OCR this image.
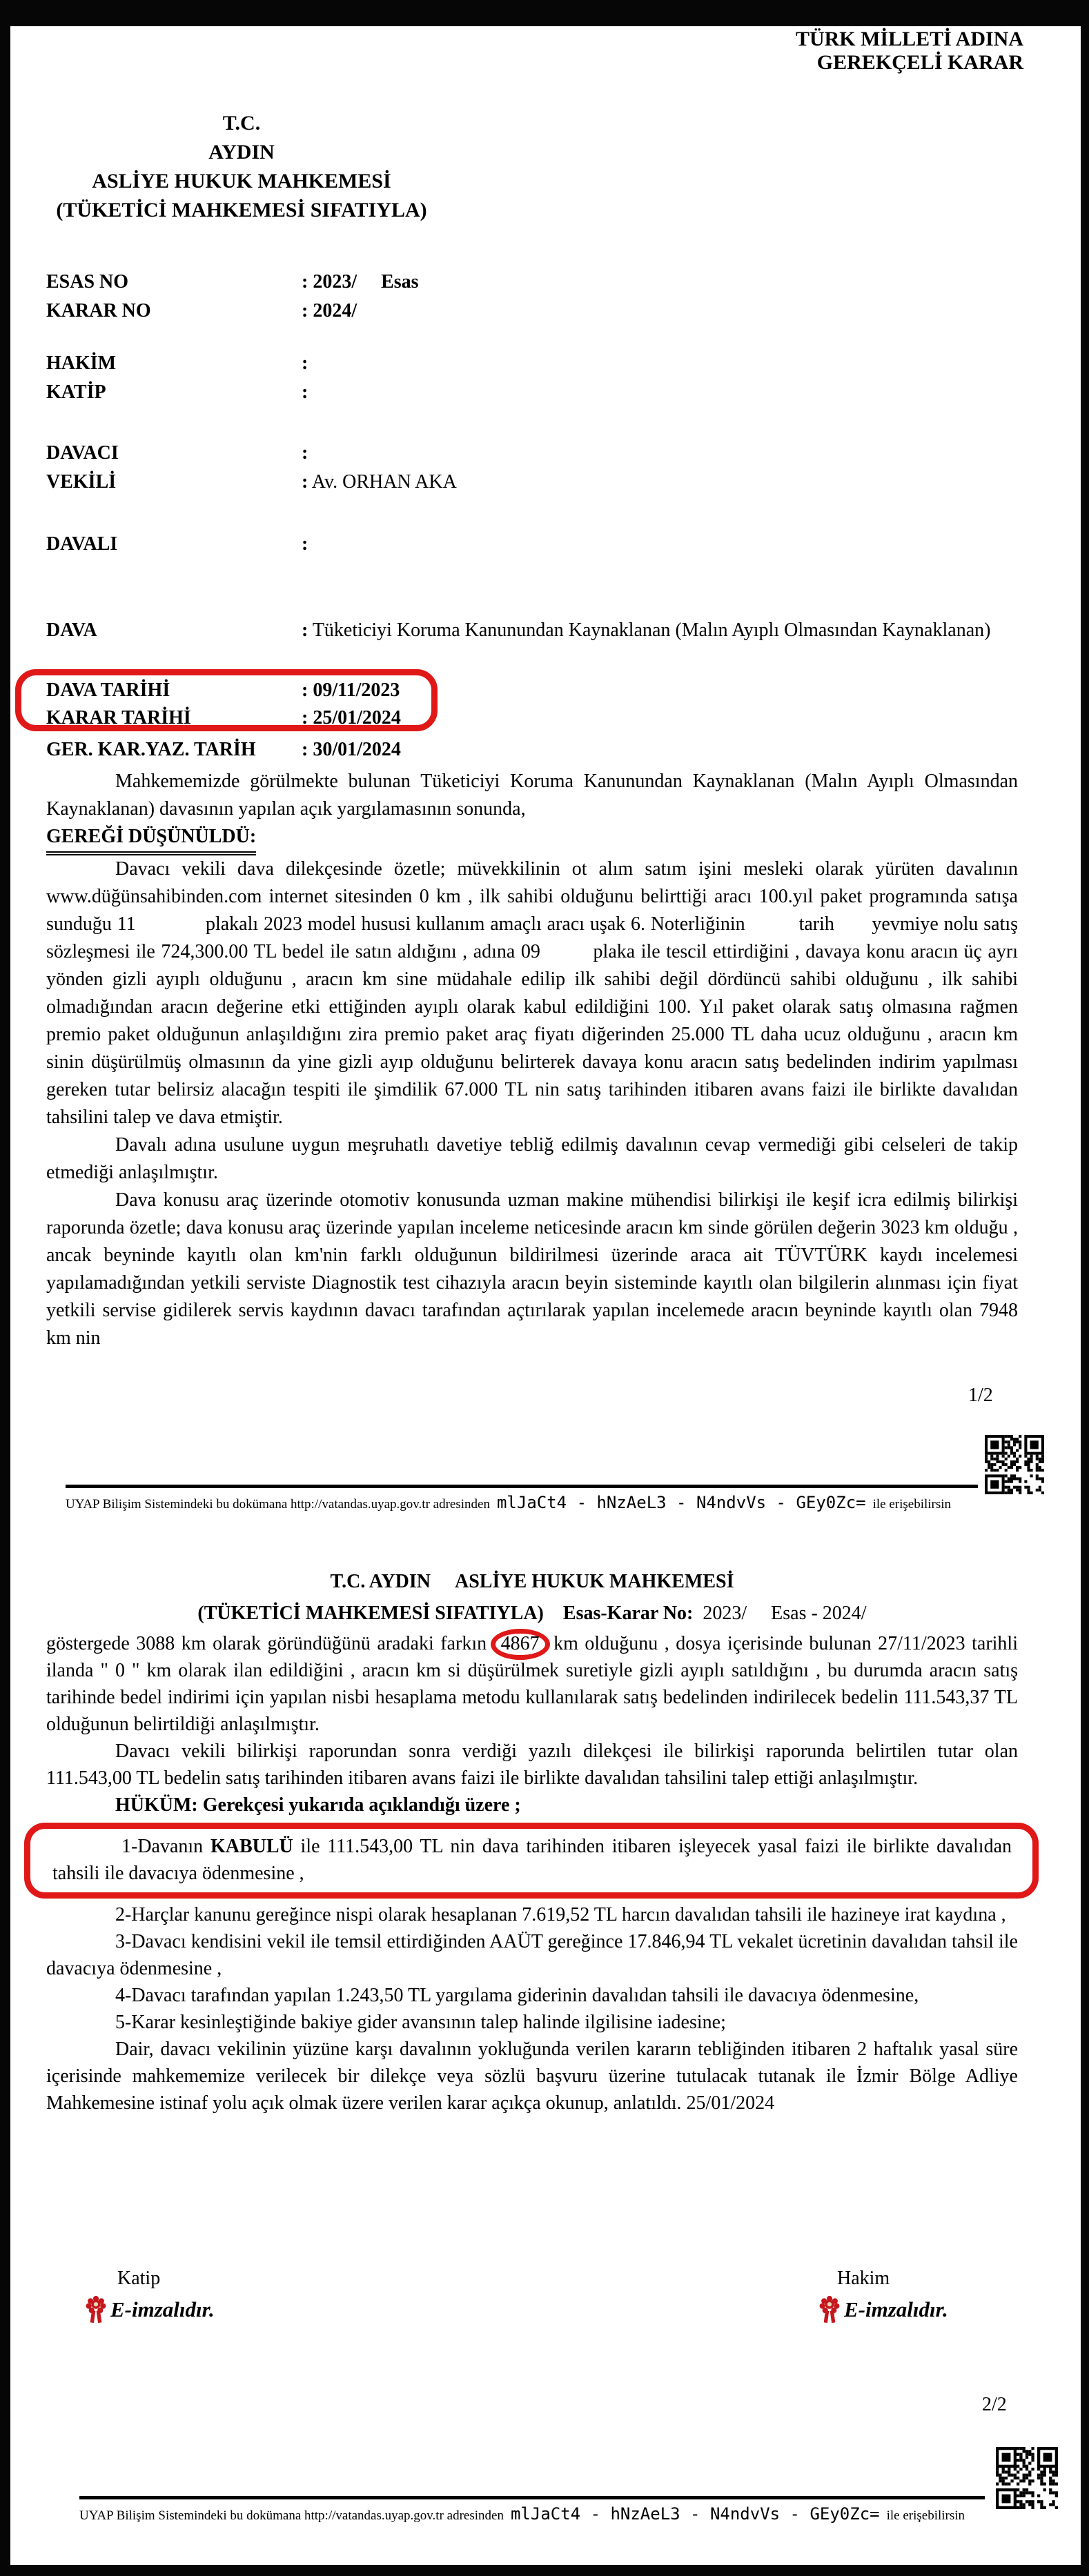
TÜRK MİLLETİ ADINA
GEREKÇELİ KARAR
T.C.
AYDIN
ASLİYE HUKUK MAHKEMESİ
(TÜKETİCİ MAHKEMESİ SIFATIYLA)
ESAS NO	: 2023/     Esas
KARAR NO	: 2024/
HAKİM	:
KATİP	:
DAVACI	:
VEKİLİ	: Av. ORHAN AKA
DAVALI	:
DAVA	: Tüketiciyi Koruma Kanunundan Kaynaklanan (Malın Ayıplı Olmasından Kaynaklanan)
DAVA TARİHİ	: 09/11/2023
KARAR TARİHİ	: 25/01/2024
GER. KAR.YAZ. TARİH	: 30/01/2024

Mahkememizde görülmekte bulunan Tüketiciyi Koruma Kanunundan Kaynaklanan (Malın Ayıplı Olmasından Kaynaklanan) davasının yapılan açık yargılamasının sonunda,

GEREĞİ DÜŞÜNÜLDÜ:

Davacı vekili dava dilekçesinde özetle; müvekkilinin ot alım satım işini mesleki olarak yürüten davalının www.düğünsahibinden.com internet sitesinden 0 km , ilk sahibi olduğunu belirttiği aracı 100.yıl paket programında satışa sunduğu 11             plakalı 2023 model hususi kullanım amaçlı aracı uşak 6. Noterliğinin          tarih       yevmiye nolu satış sözleşmesi ile 724,300.00 TL bedel ile satın aldığını , adına 09         plaka ile tescil ettirdiğini , davaya konu aracın üç ayrı yönden gizli ayıplı olduğunu , aracın km sine müdahale edilip ilk sahibi değil dördüncü sahibi olduğunu , ilk sahibi olmadığından aracın değerine etki ettiğinden ayıplı olarak kabul edildiğini 100. Yıl paket olarak satış olmasına rağmen premio paket olduğunun anlaşıldığını zira premio paket araç fiyatı diğerinden 25.000 TL daha ucuz olduğunu , aracın km sinin düşürülmüş olmasının da yine gizli ayıp olduğunu belirterek davaya konu aracın satış bedelinden indirim yapılması gereken tutar belirsiz alacağın tespiti ile şimdilik 67.000 TL nin satış tarihinden itibaren avans faizi ile birlikte davalıdan tahsilini talep ve dava etmiştir.

Davalı adına usulune uygun meşruhatlı davetiye tebliğ edilmiş davalının cevap vermediği gibi celseleri de takip etmediği anlaşılmıştır.

Dava konusu araç üzerinde otomotiv konusunda uzman makine mühendisi bilirkişi ile keşif icra edilmiş bilirkişi raporunda özetle; dava konusu araç üzerinde yapılan inceleme neticesinde aracın km sinde görülen değerin 3023 km olduğu , ancak beyninde kayıtlı olan km'nin farklı olduğunun bildirilmesi üzerinde araca ait TÜVTÜRK kaydı incelemesi yapılamadığından yetkili serviste Diagnostik test cihazıyla aracın beyin sisteminde kayıtlı olan bilgilerin alınması için fiyat yetkili servise gidilerek servis kaydının davacı tarafından açtırılarak yapılan incelemede aracın beyninde kayıtlı olan 7948 km nin

1/2
UYAP Bilişim Sistemindeki bu dokümana http://vatandas.uyap.gov.tr adresinden mlJaCt4 - hNzAeL3 - N4ndvVs - GEy0Zc= ile erişebilirsin
T.C. AYDIN     ASLİYE HUKUK MAHKEMESİ
(TÜKETİCİ MAHKEMESİ SIFATIYLA)    Esas-Karar No:  2023/     Esas - 2024/

göstergede 3088 km olarak göründüğünü aradaki farkın 4867 km olduğunu , dosya içerisinde bulunan 27/11/2023 tarihli ilanda " 0 " km olarak ilan edildiğini , aracın km si düşürülmek suretiyle gizli ayıplı satıldığını , bu durumda aracın satış tarihinde bedel indirimi için yapılan nisbi hesaplama metodu kullanılarak satış bedelinden indirilecek bedelin 111.543,37 TL olduğunun belirtildiği anlaşılmıştır.

Davacı vekili bilirkişi raporundan sonra verdiği yazılı dilekçesi ile bilirkişi raporunda belirtilen tutar olan 111.543,00 TL bedelin satış tarihinden itibaren avans faizi ile birlikte davalıdan tahsilini talep ettiği anlaşılmıştır.

HÜKÜM: Gerekçesi yukarıda açıklandığı üzere ;

1-Davanın KABULÜ ile 111.543,00 TL nin dava tarihinden itibaren işleyecek yasal faizi ile birlikte davalıdan tahsili ile davacıya ödenmesine ,

2-Harçlar kanunu gereğince nispi olarak hesaplanan 7.619,52 TL harcın davalıdan tahsili ile hazineye irat kaydına ,

3-Davacı kendisini vekil ile temsil ettirdiğinden AAÜT gereğince 17.846,94 TL vekalet ücretinin davalıdan tahsil ile davacıya ödenmesine ,

4-Davacı tarafından yapılan 1.243,50 TL yargılama giderinin davalıdan tahsili ile davacıya ödenmesine,

5-Karar kesinleştiğinde bakiye gider avansının talep halinde ilgilisine iadesine;

Dair, davacı vekilinin yüzüne karşı davalının yokluğunda verilen kararın tebliğinden itibaren 2 haftalık yasal süre içerisinde mahkememize verilecek bir dilekçe veya sözlü başvuru üzerine tutulacak tutanak ile İzmir Bölge Adliye Mahkemesine istinaf yolu açık olmak üzere verilen karar açıkça okunup, anlatıldı. 25/01/2024

Katip	Hakim
E-imzalıdır.	E-imzalıdır.
2/2
UYAP Bilişim Sistemindeki bu dokümana http://vatandas.uyap.gov.tr adresinden mlJaCt4 - hNzAeL3 - N4ndvVs - GEy0Zc= ile erişebilirsin
